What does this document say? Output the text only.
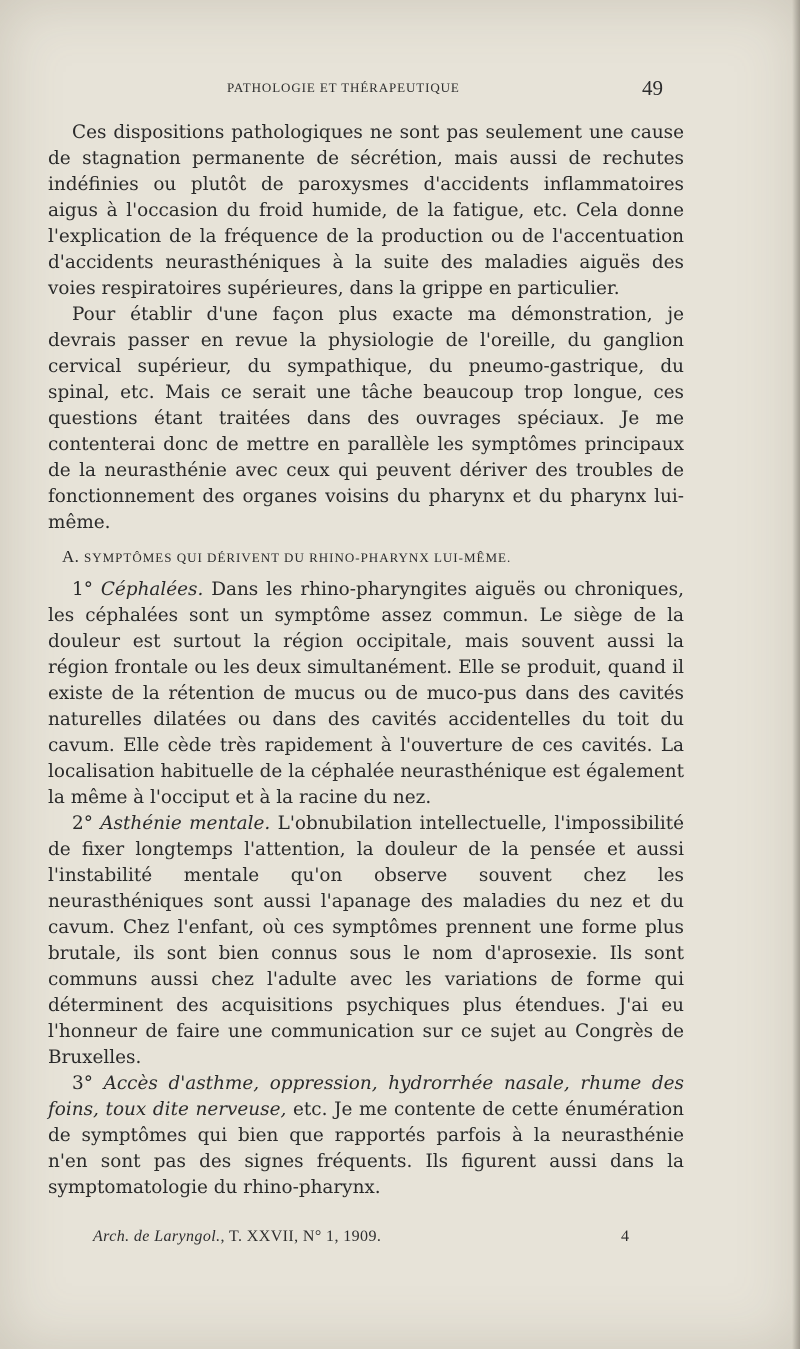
PATHOLOGIE ET THÉRAPEUTIQUE	49

Ces dispositions pathologiques ne sont pas seulement une cause de stagnation permanente de sécrétion, mais aussi de rechutes indéfinies ou plutôt de paroxysmes d'accidents inflammatoires aigus à l'occasion du froid humide, de la fatigue, etc. Cela donne l'explication de la fréquence de la production ou de l'accentuation d'accidents neurasthéniques à la suite des maladies aiguës des voies respiratoires supérieures, dans la grippe en particulier.

Pour établir d'une façon plus exacte ma démonstration, je devrais passer en revue la physiologie de l'oreille, du ganglion cervical supérieur, du sympathique, du pneumo-gastrique, du spinal, etc. Mais ce serait une tâche beaucoup trop longue, ces questions étant traitées dans des ouvrages spéciaux. Je me contenterai donc de mettre en parallèle les symptômes principaux de la neurasthénie avec ceux qui peuvent dériver des troubles de fonctionnement des organes voisins du pharynx et du pharynx lui-même.

A. SYMPTÔMES QUI DÉRIVENT DU RHINO-PHARYNX LUI-MÊME.

1° Céphalées. Dans les rhino-pharyngites aiguës ou chroniques, les céphalées sont un symptôme assez commun. Le siège de la douleur est surtout la région occipitale, mais souvent aussi la région frontale ou les deux simultanément. Elle se produit, quand il existe de la rétention de mucus ou de muco-pus dans des cavités naturelles dilatées ou dans des cavités accidentelles du toit du cavum. Elle cède très rapidement à l'ouverture de ces cavités. La localisation habituelle de la céphalée neurasthénique est également la même à l'occiput et à la racine du nez.

2° Asthénie mentale. L'obnubilation intellectuelle, l'impossibilité de fixer longtemps l'attention, la douleur de la pensée et aussi l'instabilité mentale qu'on observe souvent chez les neurasthéniques sont aussi l'apanage des maladies du nez et du cavum. Chez l'enfant, où ces symptômes prennent une forme plus brutale, ils sont bien connus sous le nom d'aprosexie. Ils sont communs aussi chez l'adulte avec les variations de forme qui déterminent des acquisitions psychiques plus étendues. J'ai eu l'honneur de faire une communication sur ce sujet au Congrès de Bruxelles.

3° Accès d'asthme, oppression, hydrorrhée nasale, rhume des foins, toux dite nerveuse, etc. Je me contente de cette énumération de symptômes qui bien que rapportés parfois à la neurasthénie n'en sont pas des signes fréquents. Ils figurent aussi dans la symptomatologie du rhino-pharynx.

Arch. de Laryngol., T. XXVII, N° 1, 1909.	4
